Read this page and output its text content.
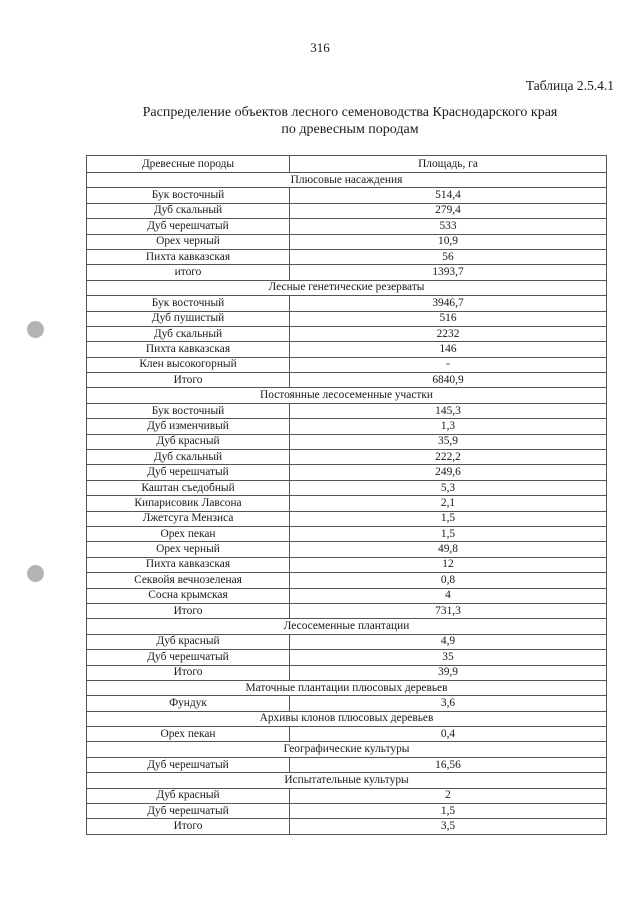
316
Таблица 2.5.4.1
Распределение объектов лесного семеноводства Краснодарского края
по древесным породам
Древесные породы	Площадь, га
Плюсовые насаждения	
Бук восточный	514,4
Дуб скальный	279,4
Дуб черешчатый	533
Орех черный	10,9
Пихта кавказская	56
итого	1393,7
Лесные генетические резерваты	
Бук восточный	3946,7
Дуб пушистый	516
Дуб скальный	2232
Пихта кавказская	146
Клен высокогорный	-
Итого	6840,9
Постоянные лесосеменные участки	
Бук восточный	145,3
Дуб изменчивый	1,3
Дуб красный	35,9
Дуб скальный	222,2
Дуб черешчатый	249,6
Каштан съедобный	5,3
Кипарисовик Лавсона	2,1
Лжетсуга Мензиса	1,5
Орех пекан	1,5
Орех черный	49,8
Пихта кавказская	12
Секвойя вечнозеленая	0,8
Сосна крымская	4
Итого	731,3
Лесосеменные плантации	
Дуб красный	4,9
Дуб черешчатый	35
Итого	39,9
Маточные плантации плюсовых деревьев	
Фундук	3,6
Архивы клонов плюсовых деревьев	
Орех пекан	0,4
Географические культуры	
Дуб черешчатый	16,56
Испытательные культуры	
Дуб красный	2
Дуб черешчатый	1,5
Итого	3,5
